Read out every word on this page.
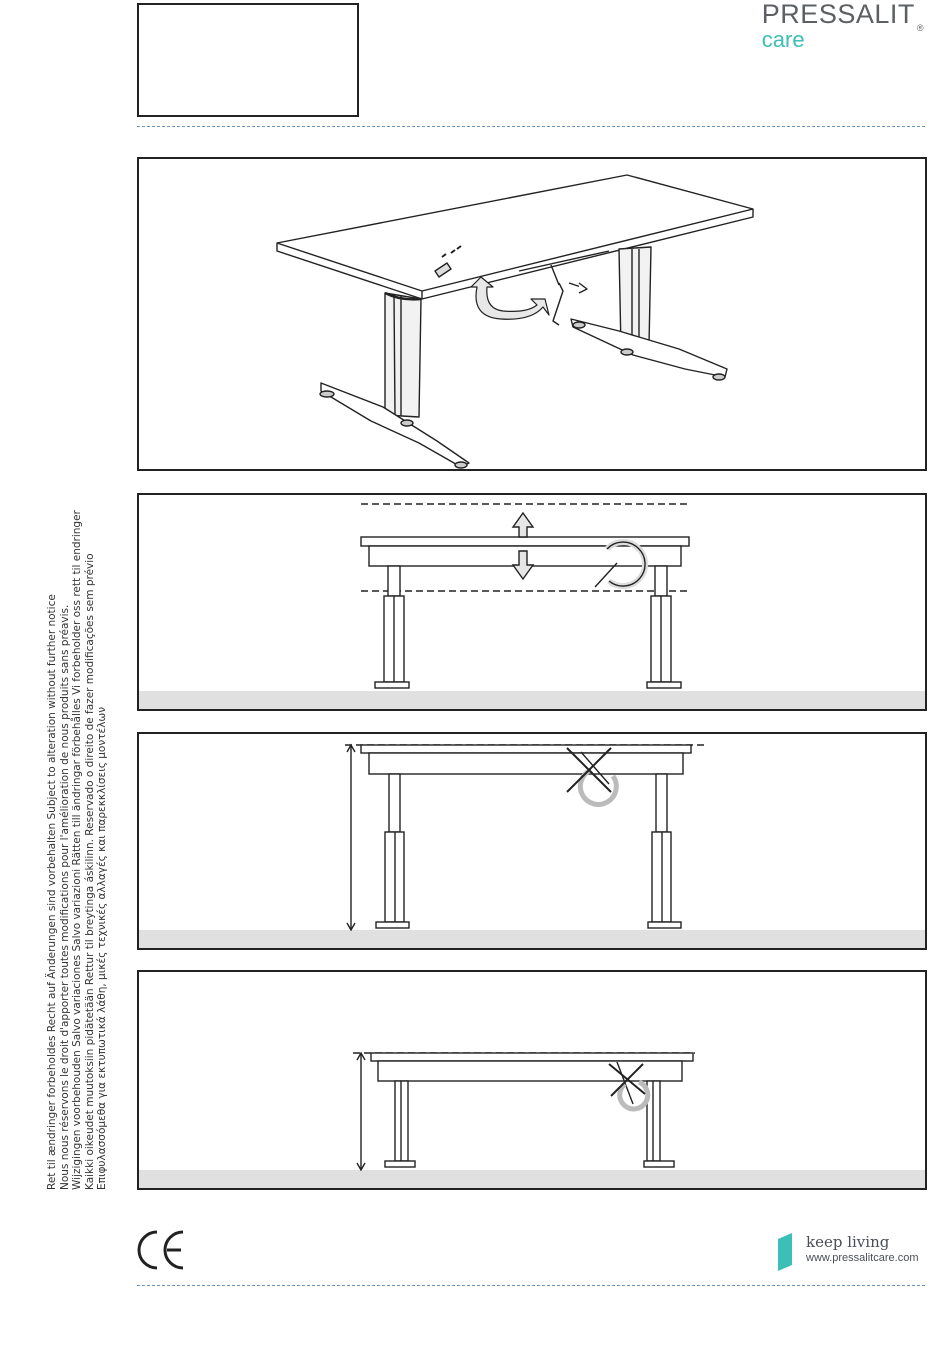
PRESSALIT ®
care
Ret til ændringer forbeholdes Recht auf Änderungen sind vorbehalten Subject to alteration without further notice Nous nous réservons le droit d'apporter toutes modifications pour l'amélioration de nous produits sans préavis. Wijzigingen voorbehouden Salvo variaciones Salvo variazioni Rätten till ändringar förbehålles Vi forbeholder oss rett til endringer Kaikki oikeudet muutoksiin pidätetään Rettur til breytinga áskilinn. Reservado o direito de fazer modificações sem prévio Επιφυλασσόμεθα για εκτυπωτικά λάθη, μικές τεχνικές αλλαγές και παρεκκλίσεις μοντέλων
keep living
www.pressalitcare.com
